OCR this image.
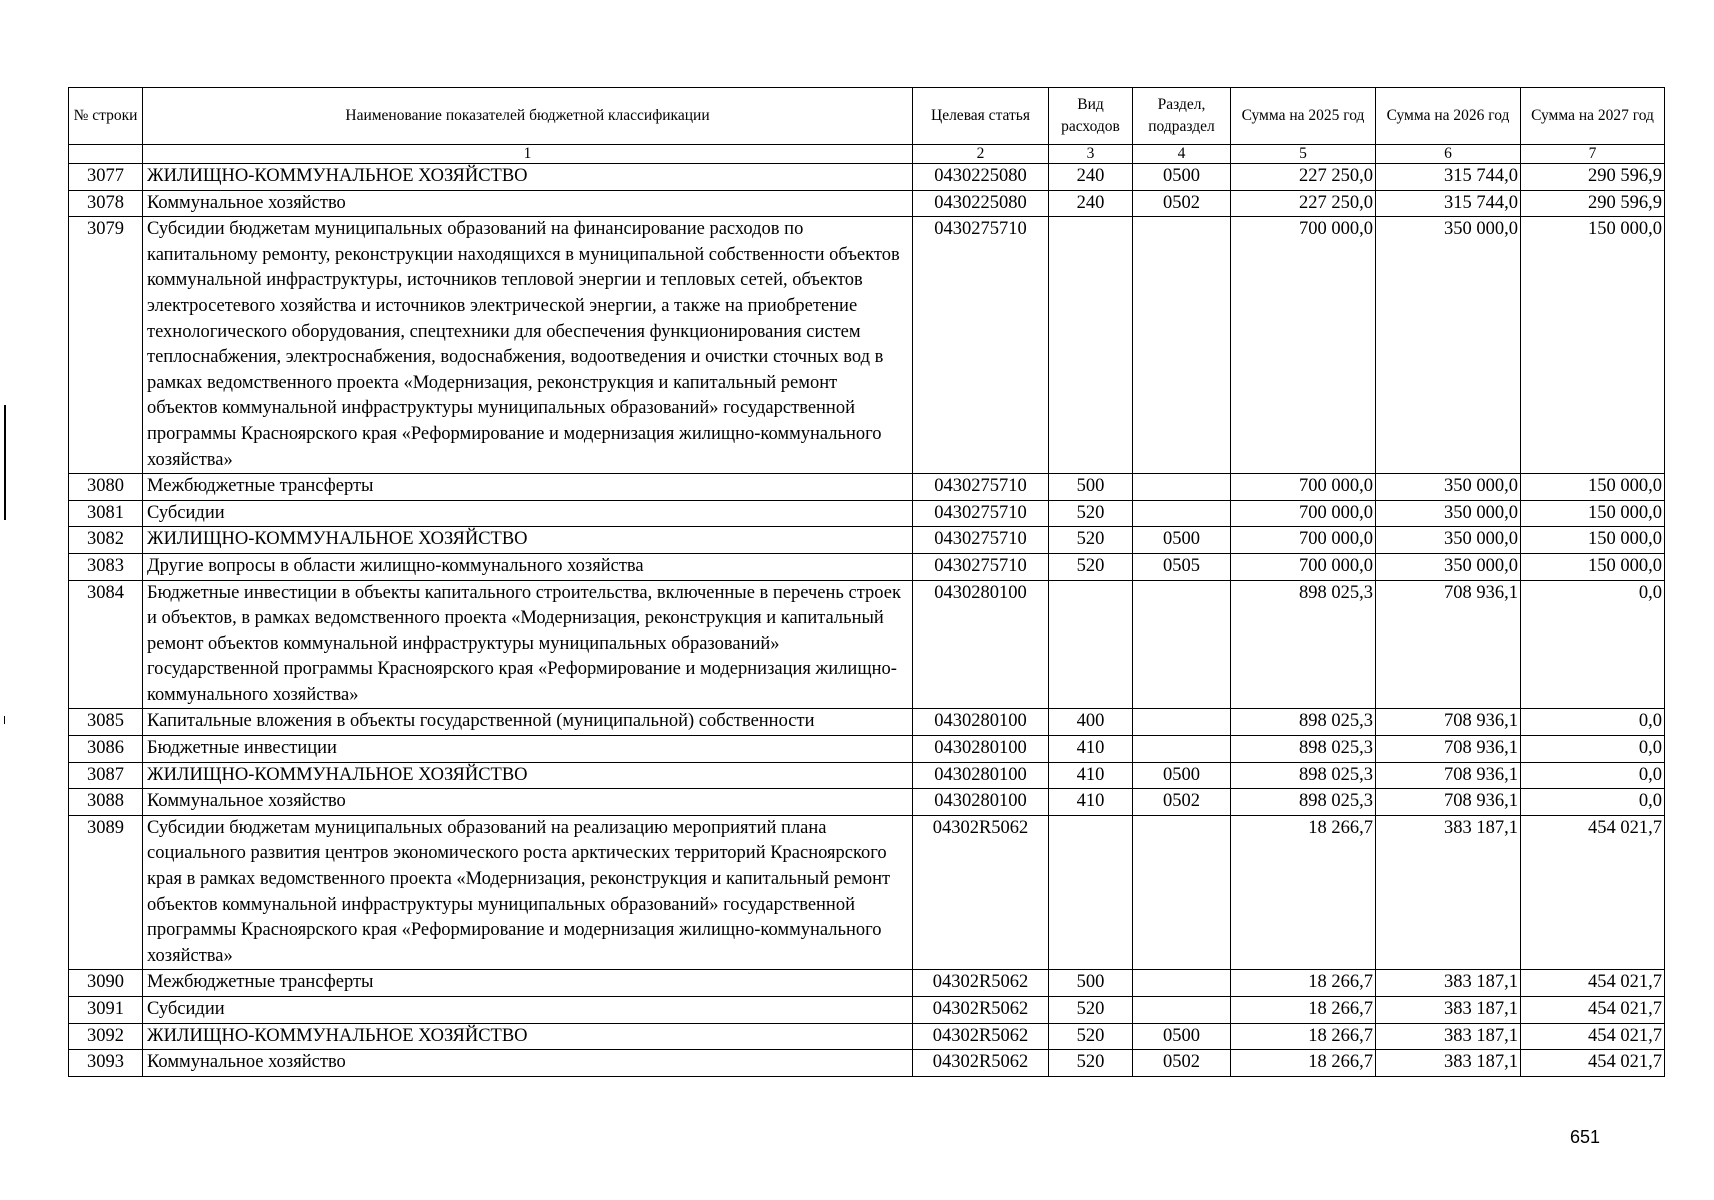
№ строки	Наименование показателей бюджетной классификации	Целевая статья	Вид расходов	Раздел, подраздел	Сумма на 2025 год	Сумма на 2026 год	Сумма на 2027 год
	1	2	3	4	5	6	7
3077	ЖИЛИЩНО-КОММУНАЛЬНОЕ ХОЗЯЙСТВО	0430225080	240	0500	227 250,0	315 744,0	290 596,9
3078	Коммунальное хозяйство	0430225080	240	0502	227 250,0	315 744,0	290 596,9
3079	Субсидии бюджетам муниципальных образований на финансирование расходов по капитальному ремонту, реконструкции находящихся в муниципальной собственности объектов коммунальной инфраструктуры, источников тепловой энергии и тепловых сетей, объектов электросетевого хозяйства и источников электрической энергии, а также на приобретение технологического оборудования, спецтехники для обеспечения функционирования систем теплоснабжения, электроснабжения, водоснабжения, водоотведения и очистки сточных вод в рамках ведомственного проекта «Модернизация, реконструкция и капитальный ремонт объектов коммунальной инфраструктуры муниципальных образований» государственной программы Красноярского края «Реформирование и модернизация жилищно-коммунального хозяйства»	0430275710			700 000,0	350 000,0	150 000,0
3080	Межбюджетные трансферты	0430275710	500		700 000,0	350 000,0	150 000,0
3081	Субсидии	0430275710	520		700 000,0	350 000,0	150 000,0
3082	ЖИЛИЩНО-КОММУНАЛЬНОЕ ХОЗЯЙСТВО	0430275710	520	0500	700 000,0	350 000,0	150 000,0
3083	Другие вопросы в области жилищно-коммунального хозяйства	0430275710	520	0505	700 000,0	350 000,0	150 000,0
3084	Бюджетные инвестиции в объекты капитального строительства, включенные в перечень строек и объектов, в рамках ведомственного проекта «Модернизация, реконструкция и капитальный ремонт объектов коммунальной инфраструктуры муниципальных образований» государственной программы Красноярского края «Реформирование и модернизация жилищно-коммунального хозяйства»	0430280100			898 025,3	708 936,1	0,0
3085	Капитальные вложения в объекты государственной (муниципальной) собственности	0430280100	400		898 025,3	708 936,1	0,0
3086	Бюджетные инвестиции	0430280100	410		898 025,3	708 936,1	0,0
3087	ЖИЛИЩНО-КОММУНАЛЬНОЕ ХОЗЯЙСТВО	0430280100	410	0500	898 025,3	708 936,1	0,0
3088	Коммунальное хозяйство	0430280100	410	0502	898 025,3	708 936,1	0,0
3089	Субсидии бюджетам муниципальных образований на реализацию мероприятий плана социального развития центров экономического роста арктических территорий Красноярского края в рамках ведомственного проекта «Модернизация, реконструкция и капитальный ремонт объектов коммунальной инфраструктуры муниципальных образований» государственной программы Красноярского края «Реформирование и модернизация жилищно-коммунального хозяйства»	04302R5062			18 266,7	383 187,1	454 021,7
3090	Межбюджетные трансферты	04302R5062	500		18 266,7	383 187,1	454 021,7
3091	Субсидии	04302R5062	520		18 266,7	383 187,1	454 021,7
3092	ЖИЛИЩНО-КОММУНАЛЬНОЕ ХОЗЯЙСТВО	04302R5062	520	0500	18 266,7	383 187,1	454 021,7
3093	Коммунальное хозяйство	04302R5062	520	0502	18 266,7	383 187,1	454 021,7
651
